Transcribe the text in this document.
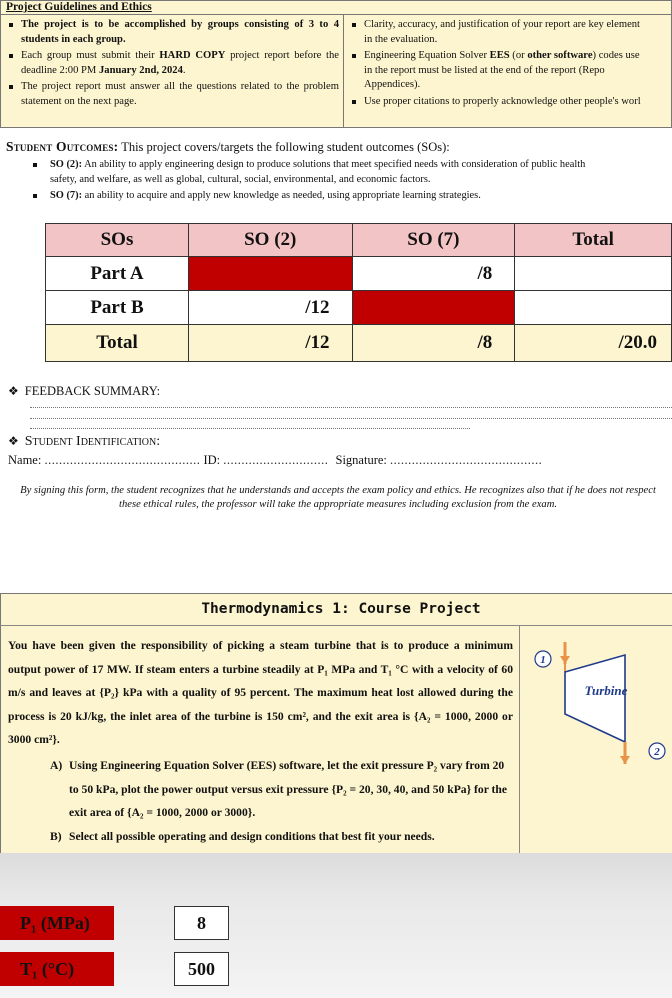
Project Guidelines and Ethics
The project is to be accomplished by groups consisting of 3 to 4 students in each group.
Each group must submit their HARD COPY project report before the deadline 2:00 PM January 2nd, 2024.
The project report must answer all the questions related to the problem statement on the next page.
Clarity, accuracy, and justification of your report are key element
in the evaluation.
Engineering Equation Solver EES (or other software) codes use
in the report must be listed at the end of the report (Repo
Appendices).
Use proper citations to properly acknowledge other people's worl
Student Outcomes: This project covers/targets the following student outcomes (SOs):
SO (2): An ability to apply engineering design to produce solutions that meet specified needs with consideration of public health
safety, and welfare, as well as global, cultural, social, environmental, and economic factors.
SO (7): an ability to acquire and apply new knowledge as needed, using appropriate learning strategies.
SOs	SO (2)	SO (7)	Total
Part A		/8	
Part B	/12		
Total	/12	/8	/20.0
❖ FEEDBACK SUMMARY:
❖ Student Identification:
Name: ........................................... ID: ............................. Signature: ..........................................
By signing this form, the student recognizes that he understands and accepts the exam policy and ethics. He recognizes also that if he does not respect these ethical rules, the professor will take the appropriate measures including exclusion from the exam.
Thermodynamics 1: Course Project
You have been given the responsibility of picking a steam turbine that is to produce a minimum output power of 17 MW. If steam enters a turbine steadily at P₁ MPa and T₁ °C with a velocity of 60 m/s and leaves at {P₂} kPa with a quality of 95 percent. The maximum heat lost allowed during the process is 20 kJ/kg, the inlet area of the turbine is 150 cm², and the exit area is {A₂ = 1000, 2000 or 3000 cm²}.
A) Using Engineering Equation Solver (EES) software, let the exit pressure P₂ vary from 20 to 50 kPa, plot the power output versus exit pressure {P₂ = 20, 30, 40, and 50 kPa} for the exit area of {A₂ = 1000, 2000 or 3000}.
B) Select all possible operating and design conditions that best fit your needs.
1
2
Turbine
P₁ (MPa)	8
T₁ (°C)	500
